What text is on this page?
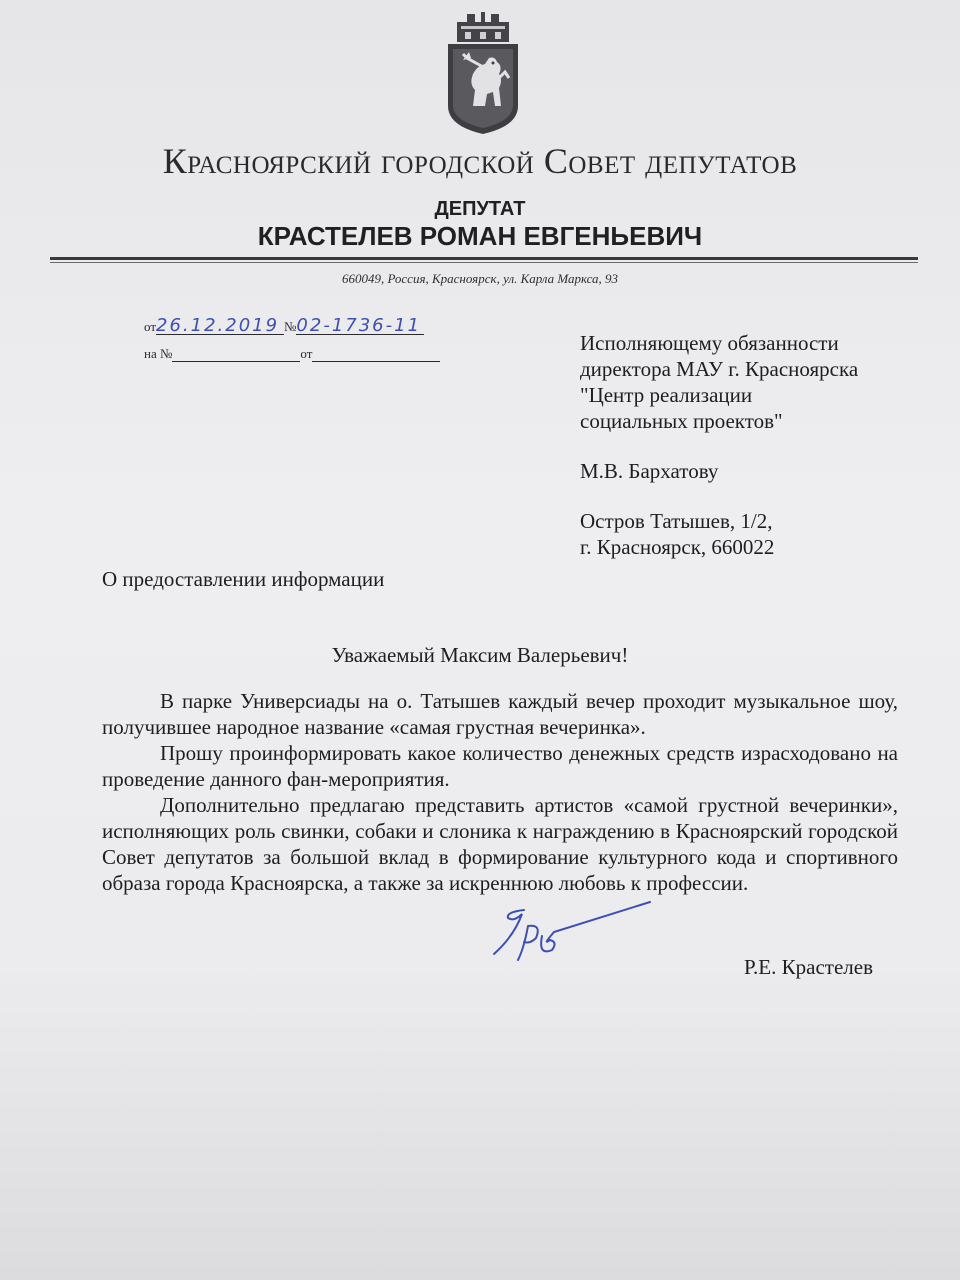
Красноярский городской Совет депутатов
ДЕПУТАТ
КРАСТЕЛЕВ РОМАН ЕВГЕНЬЕВИЧ
660049, Россия, Красноярск, ул. Карла Маркса, 93
от26.12.2019 №02-1736-11
на №	от	Исполняющему обязанности
директора МАУ г. Красноярска
"Центр реализации
социальных проектов"
М.В. Бархатову
Остров Татышев, 1/2,
г. Красноярск, 660022
О предоставлении информации
Уважаемый Максим Валерьевич!

В парке Универсиады на о. Татышев каждый вечер проходит музыкальное шоу, получившее народное название «самая грустная вечеринка».

Прошу проинформировать какое количество денежных средств израсходовано на проведение данного фан-мероприятия.

Дополнительно предлагаю представить артистов «самой грустной вечеринки», исполняющих роль свинки, собаки и слоника к награждению в Красноярский городской Совет депутатов за большой вклад в формирование культурного кода и спортивного образа города Красноярска, а также за искреннюю любовь к профессии.

Р.Е. Крастелев
